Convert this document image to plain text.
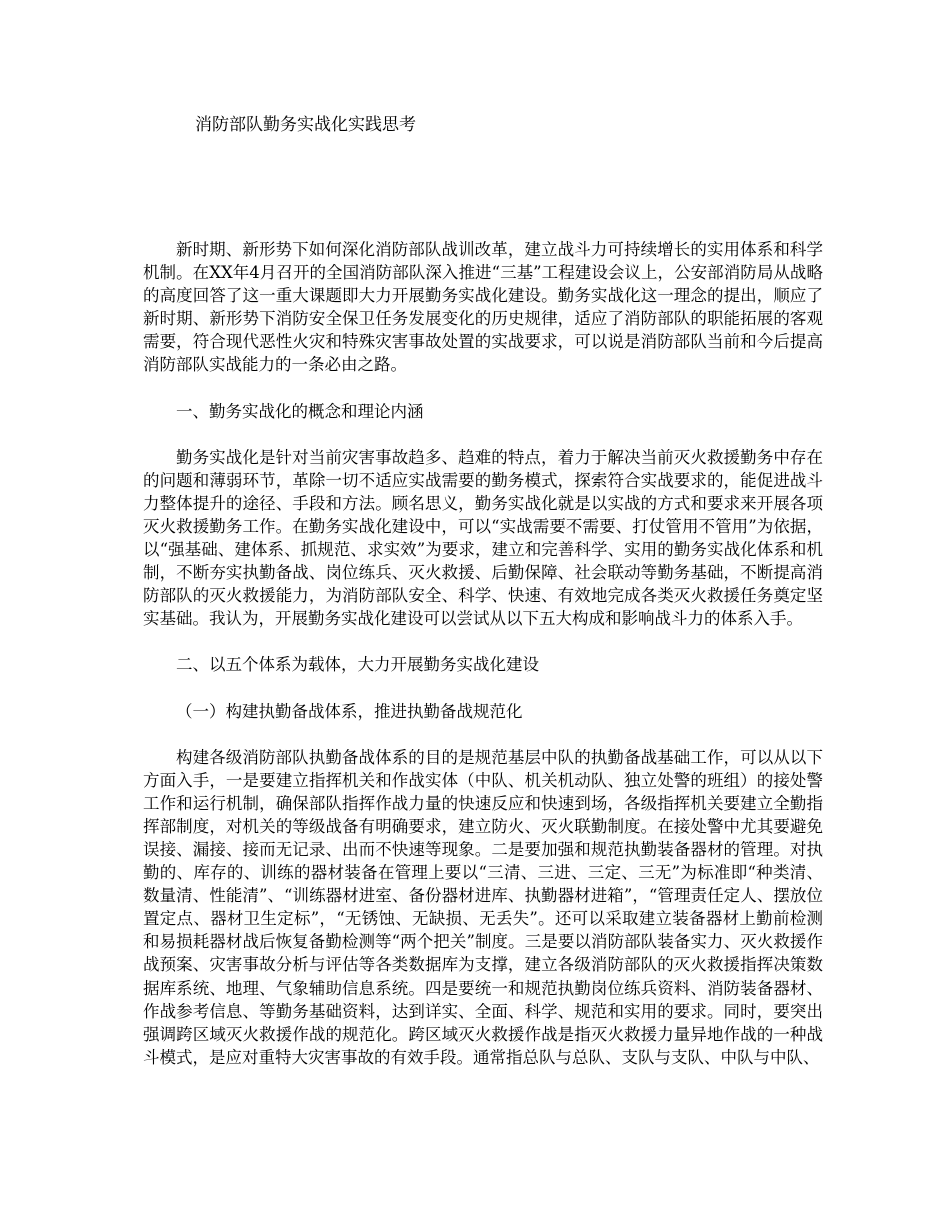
消防部队勤务实战化实践思考

新时期、新形势下如何深化消防部队战训改革，建立战斗力可持续增长的实用体系和科学机制。在XX年4月召开的全国消防部队深入推进“三基”工程建设会议上，公安部消防局从战略的高度回答了这一重大课题即大力开展勤务实战化建设。勤务实战化这一理念的提出，顺应了新时期、新形势下消防安全保卫任务发展变化的历史规律，适应了消防部队的职能拓展的客观需要，符合现代恶性火灾和特殊灾害事故处置的实战要求，可以说是消防部队当前和今后提高消防部队实战能力的一条必由之路。

一、勤务实战化的概念和理论内涵

勤务实战化是针对当前灾害事故趋多、趋难的特点，着力于解决当前灭火救援勤务中存在的问题和薄弱环节，革除一切不适应实战需要的勤务模式，探索符合实战要求的，能促进战斗力整体提升的途径、手段和方法。顾名思义，勤务实战化就是以实战的方式和要求来开展各项灭火救援勤务工作。在勤务实战化建设中，可以“实战需要不需要、打仗管用不管用”为依据，以“强基础、建体系、抓规范、求实效”为要求，建立和完善科学、实用的勤务实战化体系和机制，不断夯实执勤备战、岗位练兵、灭火救援、后勤保障、社会联动等勤务基础，不断提高消防部队的灭火救援能力，为消防部队安全、科学、快速、有效地完成各类灭火救援任务奠定坚实基础。我认为，开展勤务实战化建设可以尝试从以下五大构成和影响战斗力的体系入手。

二、以五个体系为载体，大力开展勤务实战化建设

（一）构建执勤备战体系，推进执勤备战规范化

构建各级消防部队执勤备战体系的目的是规范基层中队的执勤备战基础工作，可以从以下方面入手，一是要建立指挥机关和作战实体（中队、机关机动队、独立处警的班组）的接处警工作和运行机制，确保部队指挥作战力量的快速反应和快速到场，各级指挥机关要建立全勤指挥部制度，对机关的等级战备有明确要求，建立防火、灭火联勤制度。在接处警中尤其要避免误接、漏接、接而无记录、出而不快速等现象。二是要加强和规范执勤装备器材的管理。对执勤的、库存的、训练的器材装备在管理上要以“三清、三进、三定、三无”为标准即“种类清、数量清、性能清”、“训练器材进室、备份器材进库、执勤器材进箱”，“管理责任定人、摆放位置定点、器材卫生定标”，“无锈蚀、无缺损、无丢失”。还可以采取建立装备器材上勤前检测和易损耗器材战后恢复备勤检测等“两个把关”制度。三是要以消防部队装备实力、灭火救援作战预案、灾害事故分析与评估等各类数据库为支撑，建立各级消防部队的灭火救援指挥决策数据库系统、地理、气象辅助信息系统。四是要统一和规范执勤岗位练兵资料、消防装备器材、作战参考信息、等勤务基础资料，达到详实、全面、科学、规范和实用的要求。同时，要突出强调跨区域灭火救援作战的规范化。跨区域灭火救援作战是指灭火救援力量异地作战的一种战斗模式，是应对重特大灾害事故的有效手段。通常指总队与总队、支队与支队、中队与中队、
